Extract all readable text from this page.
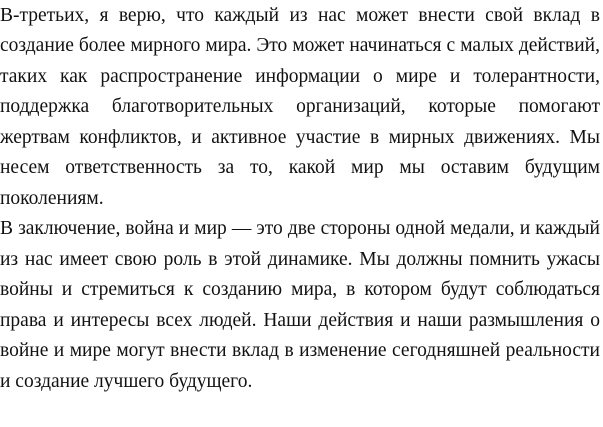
В-третьих, я верю, что каждый из нас может внести свой вклад в
создание более мирного мира. Это может начинаться с малых действий,
таких как распространение информации о мире и толерантности,
поддержка благотворительных организаций, которые помогают
жертвам конфликтов, и активное участие в мирных движениях. Мы
несем ответственность за то, какой мир мы оставим будущим
поколениям.
В заключение, война и мир — это две стороны одной медали, и каждый
из нас имеет свою роль в этой динамике. Мы должны помнить ужасы
войны и стремиться к созданию мира, в котором будут соблюдаться
права и интересы всех людей. Наши действия и наши размышления о
войне и мире могут внести вклад в изменение сегодняшней реальности
и создание лучшего будущего.
